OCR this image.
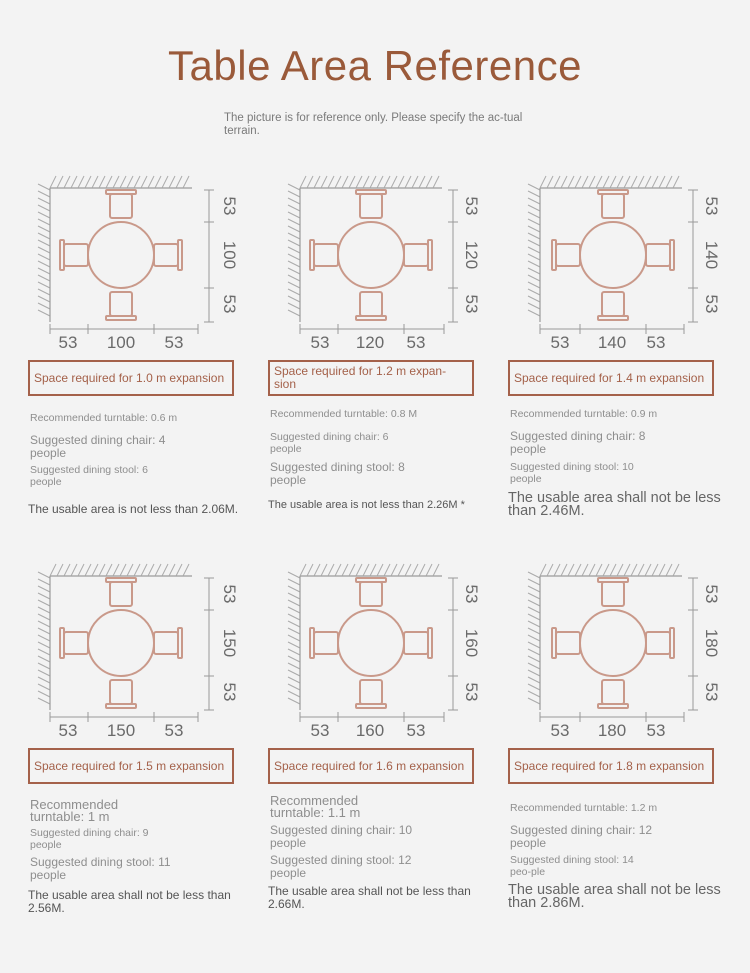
Table Area Reference
The picture is for reference only. Please specify the ac-tual terrain.
53 100 53
53
100
53
Space required for 1.0 m expansion
Recommended turntable: 0.6 m
Suggested dining chair: 4 people
Suggested dining stool: 6 people
The usable area is not less than 2.06M.
53 120 53
53
120
53
Space required for 1.2 m expan-sion
Recommended turntable: 0.8 M
Suggested dining chair: 6 people
Suggested dining stool: 8 people
The usable area is not less than 2.26M *
53 140 53
53
140
53
Space required for 1.4 m expansion
Recommended turntable: 0.9 m
Suggested dining chair: 8 people
Suggested dining stool: 10 people
The usable area shall not be less than 2.46M.
53 150 53
53
150
53
Space required for 1.5 m expansion
Recommended turntable: 1 m
Suggested dining chair: 9 people
Suggested dining stool: 11 people
The usable area shall not be less than 2.56M.
53 160 53
53
160
53
Space required for 1.6 m expansion
Recommended turntable: 1.1 m
Suggested dining chair: 10 people
Suggested dining stool: 12 people
The usable area shall not be less than 2.66M.
53 180 53
53
180
53
Space required for 1.8 m expansion
Recommended turntable: 1.2 m
Suggested dining chair: 12 people
Suggested dining stool: 14 peo-ple
The usable area shall not be less than 2.86M.
